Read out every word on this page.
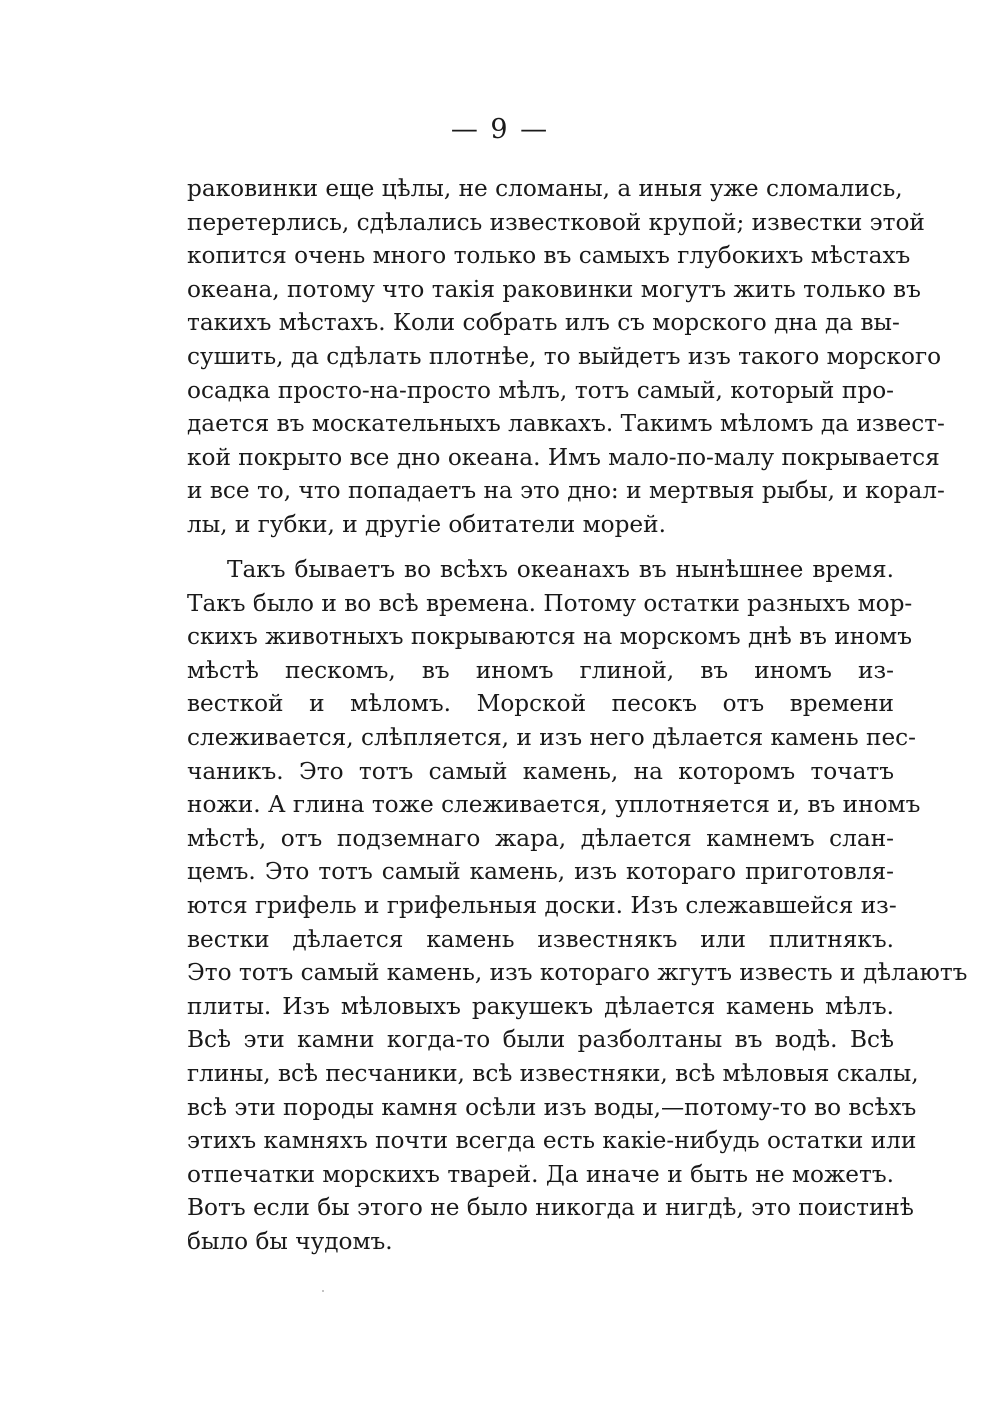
— 9 —
раковинки еще цѣлы, не сломаны, а иныя уже сломались,
перетерлись, сдѣлались известковой крупой; известки этой
копится очень много только въ самыхъ глубокихъ мѣстахъ
океана, потому что такія раковинки могутъ жить только въ
такихъ мѣстахъ. Коли собрать илъ съ морского дна да вы-
сушить, да сдѣлать плотнѣе, то выйдетъ изъ такого морского
осадка просто-на-просто мѣлъ, тотъ самый, который про-
дается въ москательныхъ лавкахъ. Такимъ мѣломъ да извест-
кой покрыто все дно океана. Имъ мало-по-малу покрывается
и все то, что попадаетъ на это дно: и мертвыя рыбы, и корал-
лы, и губки, и другіе обитатели морей.
Такъ бываетъ во всѣхъ океанахъ въ нынѣшнее время.
Такъ было и во всѣ времена. Потому остатки разныхъ мор-
скихъ животныхъ покрываются на морскомъ днѣ въ иномъ
мѣстѣ пескомъ, въ иномъ глиной, въ иномъ из-
весткой и мѣломъ. Морской песокъ отъ времени
слеживается, слѣпляется, и изъ него дѣлается камень пес-
чаникъ. Это тотъ самый камень, на которомъ точатъ
ножи. А глина тоже слеживается, уплотняется и, въ иномъ
мѣстѣ, отъ подземнаго жара, дѣлается камнемъ слан-
цемъ. Это тотъ самый камень, изъ котораго приготовля-
ются грифель и грифельныя доски. Изъ слежавшейся из-
вестки дѣлается камень известнякъ или плитнякъ.
Это тотъ самый камень, изъ котораго жгутъ известь и дѣлаютъ
плиты. Изъ мѣловыхъ ракушекъ дѣлается камень мѣлъ.
Всѣ эти камни когда-то были разболтаны въ водѣ. Всѣ
глины, всѣ песчаники, всѣ известняки, всѣ мѣловыя скалы,
всѣ эти породы камня осѣли изъ воды,—потому-то во всѣхъ
этихъ камняхъ почти всегда есть какіе-нибудь остатки или
отпечатки морскихъ тварей. Да иначе и быть не можетъ.
Вотъ если бы этого не было никогда и нигдѣ, это поистинѣ
было бы чудомъ.
